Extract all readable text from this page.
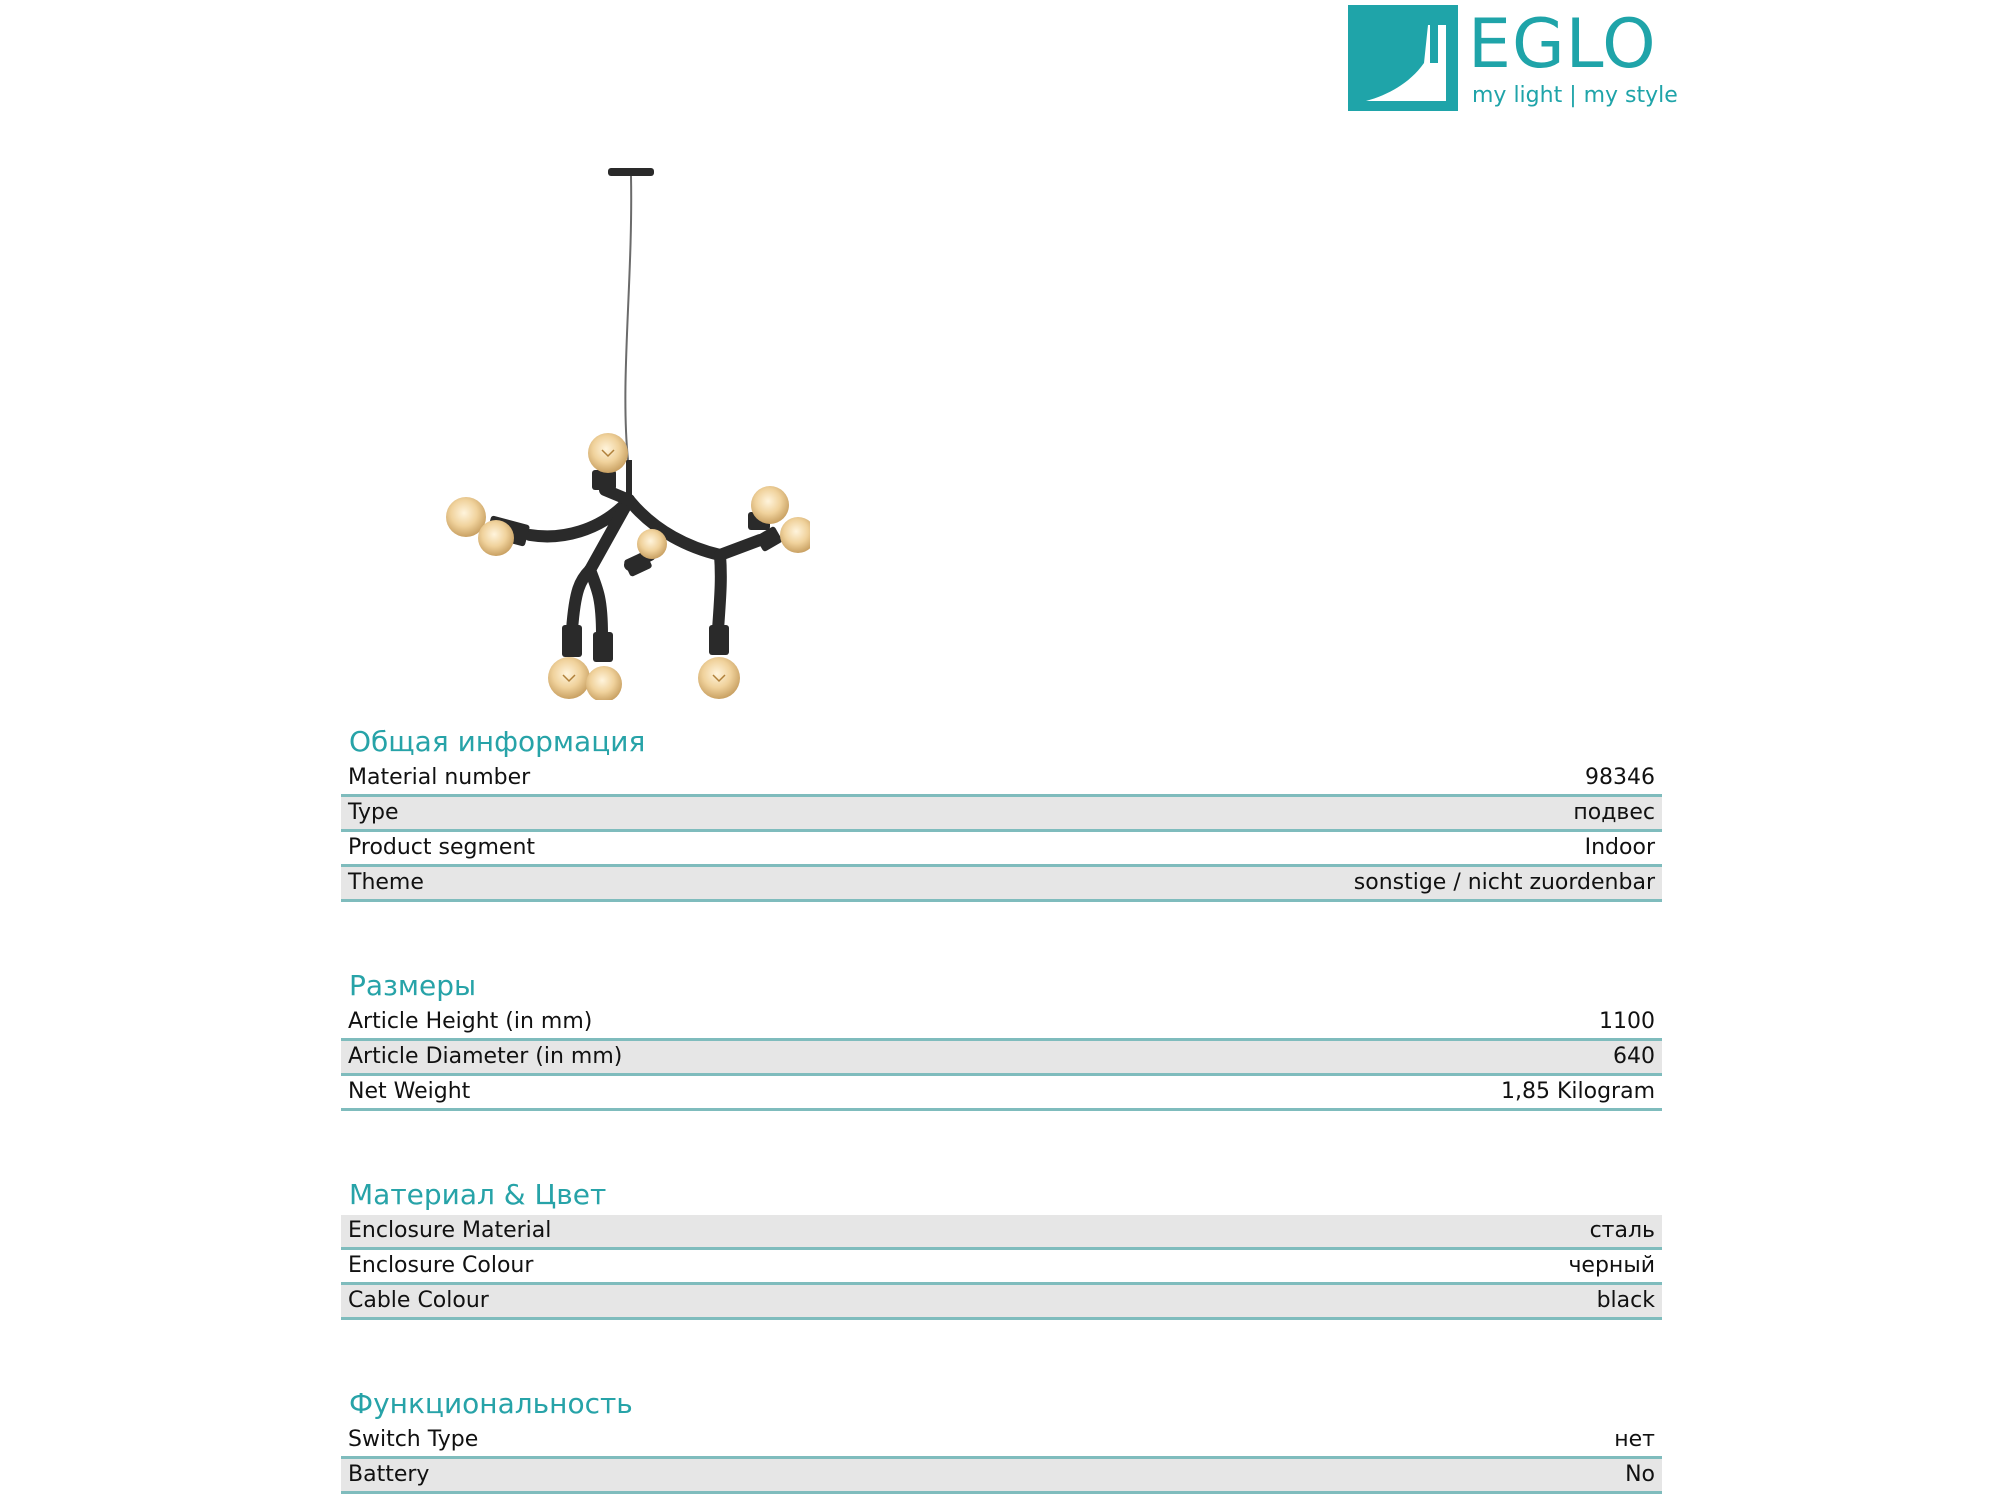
EGLO
my light | my style
Общая информация
Material number	98346
Type	подвес
Product segment	Indoor
Theme	sonstige / nicht zuordenbar
Размеры
Article Height (in mm)	1100
Article Diameter (in mm)	640
Net Weight	1,85 Kilogram
Материал & Цвет
Enclosure Material	сталь
Enclosure Colour	черный
Cable Colour	black
Функциональность
Switch Type	нет
Battery	No
